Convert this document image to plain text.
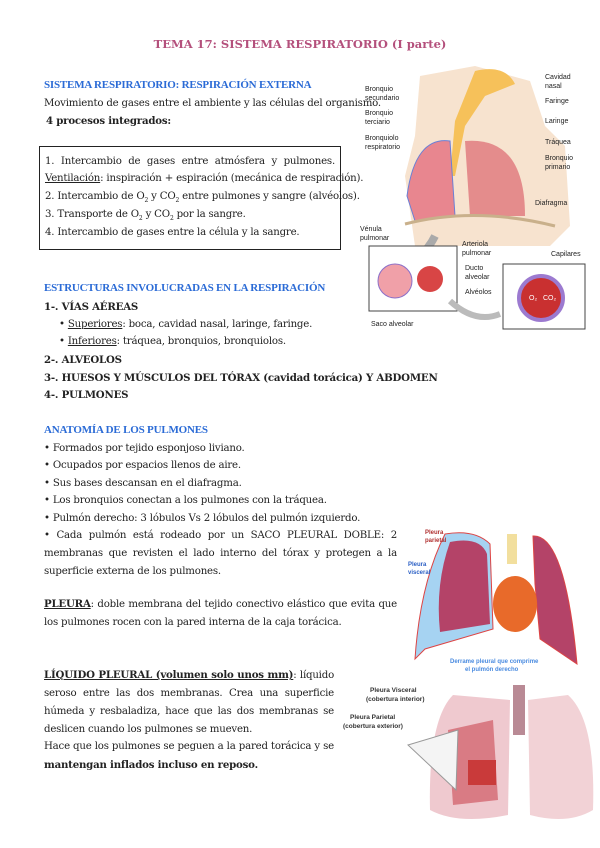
TEMA 17: SISTEMA RESPIRATORIO (I parte)
SISTEMA RESPIRATORIO: RESPIRACIÓN EXTERNA
Movimiento de gases entre el ambiente y las células del organismo.
4 procesos integrados:
1. Intercambio de gases entre atmósfera y pulmones.
Ventilación: inspiración + espiración (mecánica de respiración).
2. Intercambio de $O_2$ y $CO_2$ entre pulmones y sangre (alvéolos).
3. Transporte de $O_2$ y $CO_2$ por la sangre.
4. Intercambio de gases entre la célula y la sangre.
ESTRUCTURAS INVOLUCRADAS EN LA RESPIRACIÓN
1-. VÍAS AÉREAS
• Superiores: boca, cavidad nasal, laringe, faringe.
• Inferiores: tráquea, bronquios, bronquiolos.
2-. ALVEOLOS
3-. HUESOS Y MÚSCULOS DEL TÓRAX (cavidad torácica) Y ABDOMEN
4-. PULMONES
ANATOMÍA DE LOS PULMONES
• Formados por tejido esponjoso liviano.
• Ocupados por espacios llenos de aire.
• Sus bases descansan en el diafragma.
• Los bronquios conectan a los pulmones con la tráquea.
• Pulmón derecho: 3 lóbulos Vs 2 lóbulos del pulmón izquierdo.
• Cada pulmón está rodeado por un SACO PLEURAL DOBLE: 2 membranas que revisten el lado interno del tórax y protegen a la superficie externa de los pulmones.
PLEURA: doble membrana del tejido conectivo elástico que evita que los pulmones rocen con la pared interna de la caja torácica.
LÍQUIDO PLEURAL (volumen solo unos mm): líquido seroso entre las dos membranas. Crea una superficie húmeda y resbaladiza, hace que las dos membranas se deslicen cuando los pulmones se mueven.
Hace que los pulmones se peguen a la pared torácica y se mantengan inflados incluso en reposo.
Cavidad
nasal
Faringe
Laringe
Tráquea
Bronquio
primario
Diafragma
Bronquio
secundario
Bronquio
terciario
Bronquiolo
respiratorio
Vénula
pulmonar
Arteriola
pulmonar
Ducto
alveolar
Alvéolos
Capilares
Saco alveolar
O₂ CO₂
Pleura
parietal
Pleura
visceral
Derrame pleural que comprime
el pulmón derecho
Pleura Visceral
(cobertura interior)
Pleura Parietal
(cobertura exterior)
